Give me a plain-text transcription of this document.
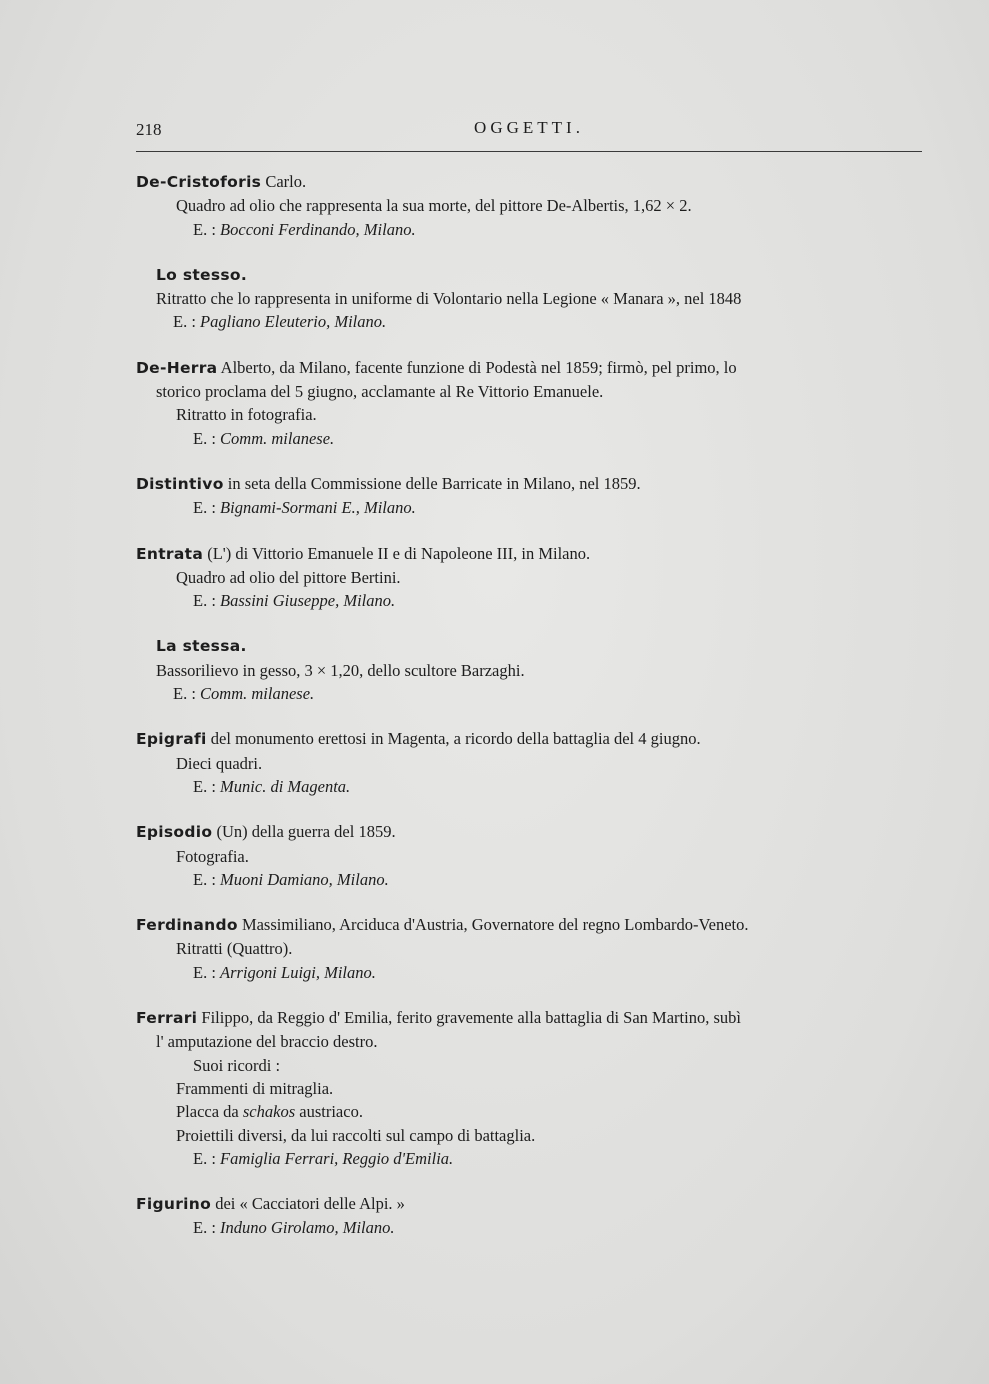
218	OGGETTI.
De-Cristoforis Carlo.
Quadro ad olio che rappresenta la sua morte, del pittore De-Albertis, 1,62 × 2.
E. : Bocconi Ferdinando, Milano.
Lo stesso.
Ritratto che lo rappresenta in uniforme di Volontario nella Legione « Manara », nel 1848
E. : Pagliano Eleuterio, Milano.
De-Herra Alberto, da Milano, facente funzione di Podestà nel 1859; firmò, pel primo, lo
storico proclama del 5 giugno, acclamante al Re Vittorio Emanuele.
Ritratto in fotografia.
E. : Comm. milanese.
Distintivo in seta della Commissione delle Barricate in Milano, nel 1859.
E. : Bignami-Sormani E., Milano.
Entrata (L') di Vittorio Emanuele II e di Napoleone III, in Milano.
Quadro ad olio del pittore Bertini.
E. : Bassini Giuseppe, Milano.
La stessa.
Bassorilievo in gesso, 3 × 1,20, dello scultore Barzaghi.
E. : Comm. milanese.
Epigrafi del monumento erettosi in Magenta, a ricordo della battaglia del 4 giugno.
Dieci quadri.
E. : Munic. di Magenta.
Episodio (Un) della guerra del 1859.
Fotografia.
E. : Muoni Damiano, Milano.
Ferdinando Massimiliano, Arciduca d'Austria, Governatore del regno Lombardo-Veneto.
Ritratti (Quattro).
E. : Arrigoni Luigi, Milano.
Ferrari Filippo, da Reggio d' Emilia, ferito gravemente alla battaglia di San Martino, subì
l' amputazione del braccio destro.
Suoi ricordi :
Frammenti di mitraglia.
Placca da schakos austriaco.
Proiettili diversi, da lui raccolti sul campo di battaglia.
E. : Famiglia Ferrari, Reggio d'Emilia.
Figurino dei « Cacciatori delle Alpi. »
E. : Induno Girolamo, Milano.
